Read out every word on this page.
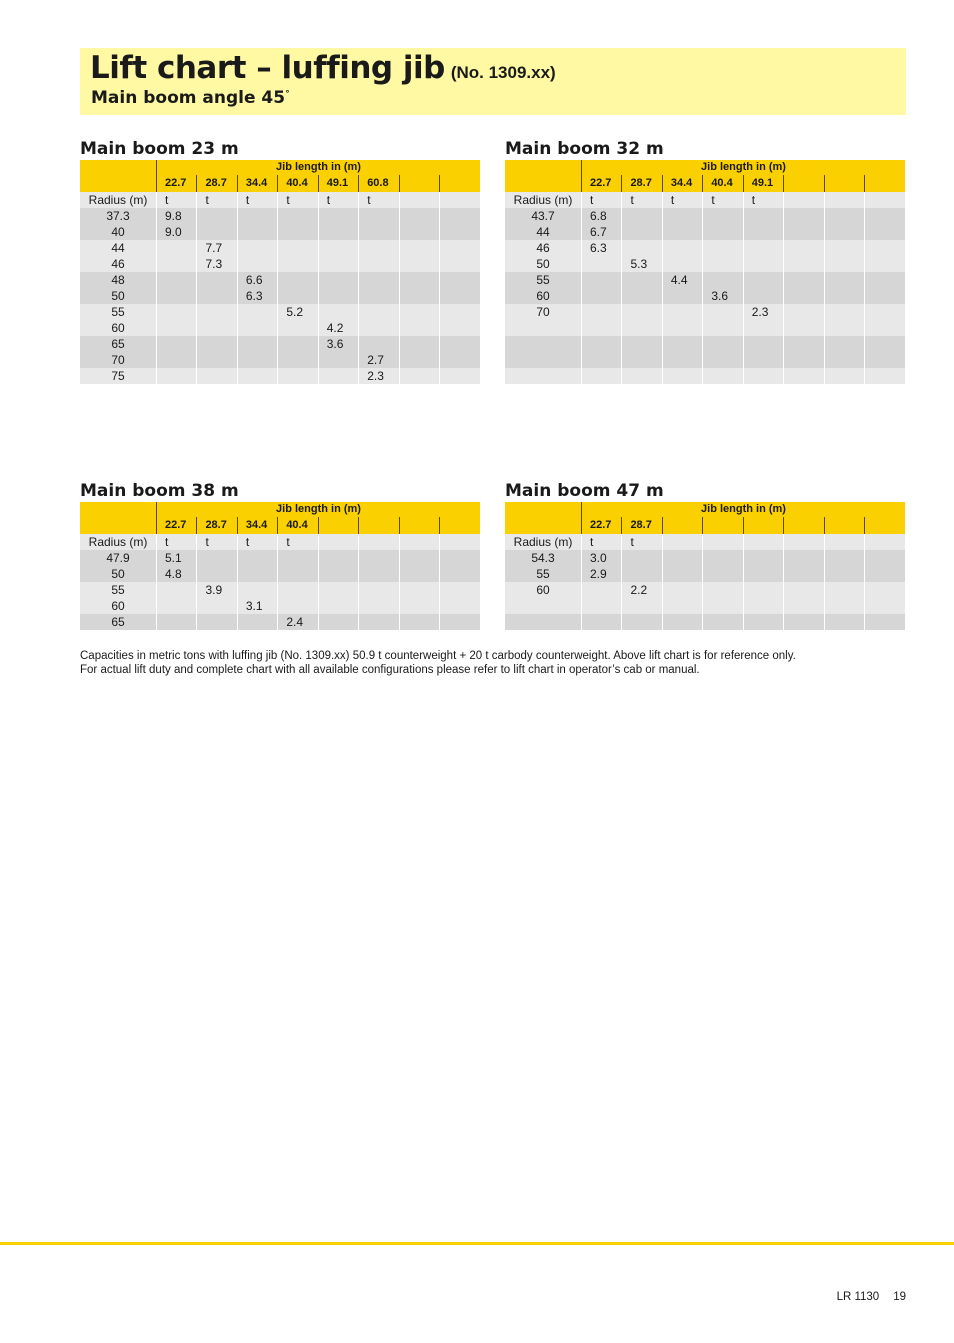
Lift chart – luffing jib (No. 1309.xx)
Main boom angle 45°
Main boom 23 m
	Jib length in (m)							
	22.7	28.7	34.4	40.4	49.1	60.8		
Radius (m)	t	t	t	t	t	t		
37.3	9.8							
40	9.0							
44		7.7						
46		7.3						
48			6.6					
50			6.3					
55				5.2				
60					4.2			
65					3.6			
70						2.7		
75						2.3		
Main boom 32 m
	Jib length in (m)							
	22.7	28.7	34.4	40.4	49.1			
Radius (m)	t	t	t	t	t			
43.7	6.8							
44	6.7							
46	6.3							
50		5.3						
55			4.4					
60				3.6				
70					2.3			

Main boom 38 m
	Jib length in (m)							
	22.7	28.7	34.4	40.4				
Radius (m)	t	t	t	t				
47.9	5.1							
50	4.8							
55		3.9						
60			3.1					
65				2.4				
Main boom 47 m
	Jib length in (m)							
	22.7	28.7						
Radius (m)	t	t						
54.3	3.0							
55	2.9							
60		2.2						

Capacities in metric tons with luffing jib (No. 1309.xx) 50.9 t counterweight + 20 t carbody counterweight. Above lift chart is for reference only.

For actual lift duty and complete chart with all available configurations please refer to lift chart in operator’s cab or manual.

LR 1130 19
